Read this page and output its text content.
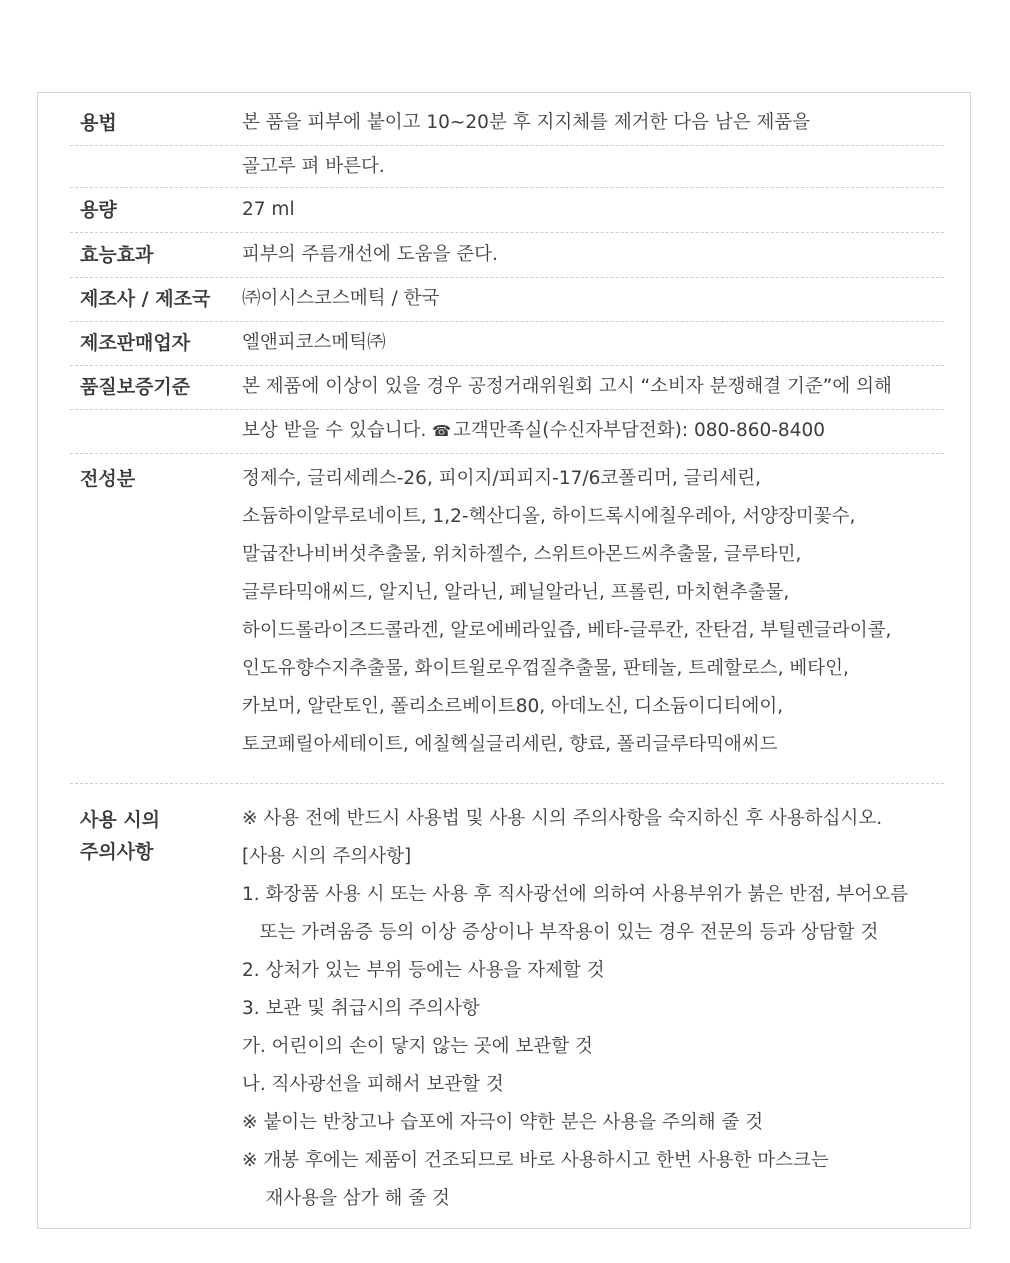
용법	본 품을 피부에 붙이고 10~20분 후 지지체를 제거한 다음 남은 제품을
골고루 펴 바른다.
용량	27 ml
효능효과	피부의 주름개선에 도움을 준다.
제조사 / 제조국 ㈜이시스코스메틱 / 한국
제조판매업자	엘앤피코스메틱㈜
품질보증기준	본 제품에 이상이 있을 경우 공정거래위원회 고시 “소비자 분쟁해결 기준”에 의해
보상 받을 수 있습니다. ☎ 고객만족실(수신자부담전화): 080-860-8400
전성분	정제수, 글리세레스-26, 피이지/피피지-17/6코폴리머, 글리세린,
소듐하이알루로네이트, 1,2-헥산디올, 하이드록시에칠우레아, 서양장미꽃수,
말굽잔나비버섯추출물, 위치하젤수, 스위트아몬드씨추출물, 글루타민,
글루타믹애씨드, 알지닌, 알라닌, 페닐알라닌, 프롤린, 마치현추출물,
하이드롤라이즈드콜라겐, 알로에베라잎즙, 베타-글루칸, 잔탄검, 부틸렌글라이콜,
인도유향수지추출물, 화이트윌로우껍질추출물, 판테놀, 트레할로스, 베타인,
카보머, 알란토인, 폴리소르베이트80, 아데노신, 디소듐이디티에이,
토코페릴아세테이트, 에칠헥실글리세린, 향료, 폴리글루타믹애씨드
사용 시의
주의사항
※ 사용 전에 반드시 사용법 및 사용 시의 주의사항을 숙지하신 후 사용하십시오.
[사용 시의 주의사항]
1. 화장품 사용 시 또는 사용 후 직사광선에 의하여 사용부위가 붉은 반점, 부어오름
또는 가려움증 등의 이상 증상이나 부작용이 있는 경우 전문의 등과 상담할 것
2. 상처가 있는 부위 등에는 사용을 자제할 것
3. 보관 및 취급시의 주의사항
가. 어린이의 손이 닿지 않는 곳에 보관할 것
나. 직사광선을 피해서 보관할 것
※ 붙이는 반창고나 습포에 자극이 약한 분은 사용을 주의해 줄 것
※ 개봉 후에는 제품이 건조되므로 바로 사용하시고 한번 사용한 마스크는
재사용을 삼가 해 줄 것
